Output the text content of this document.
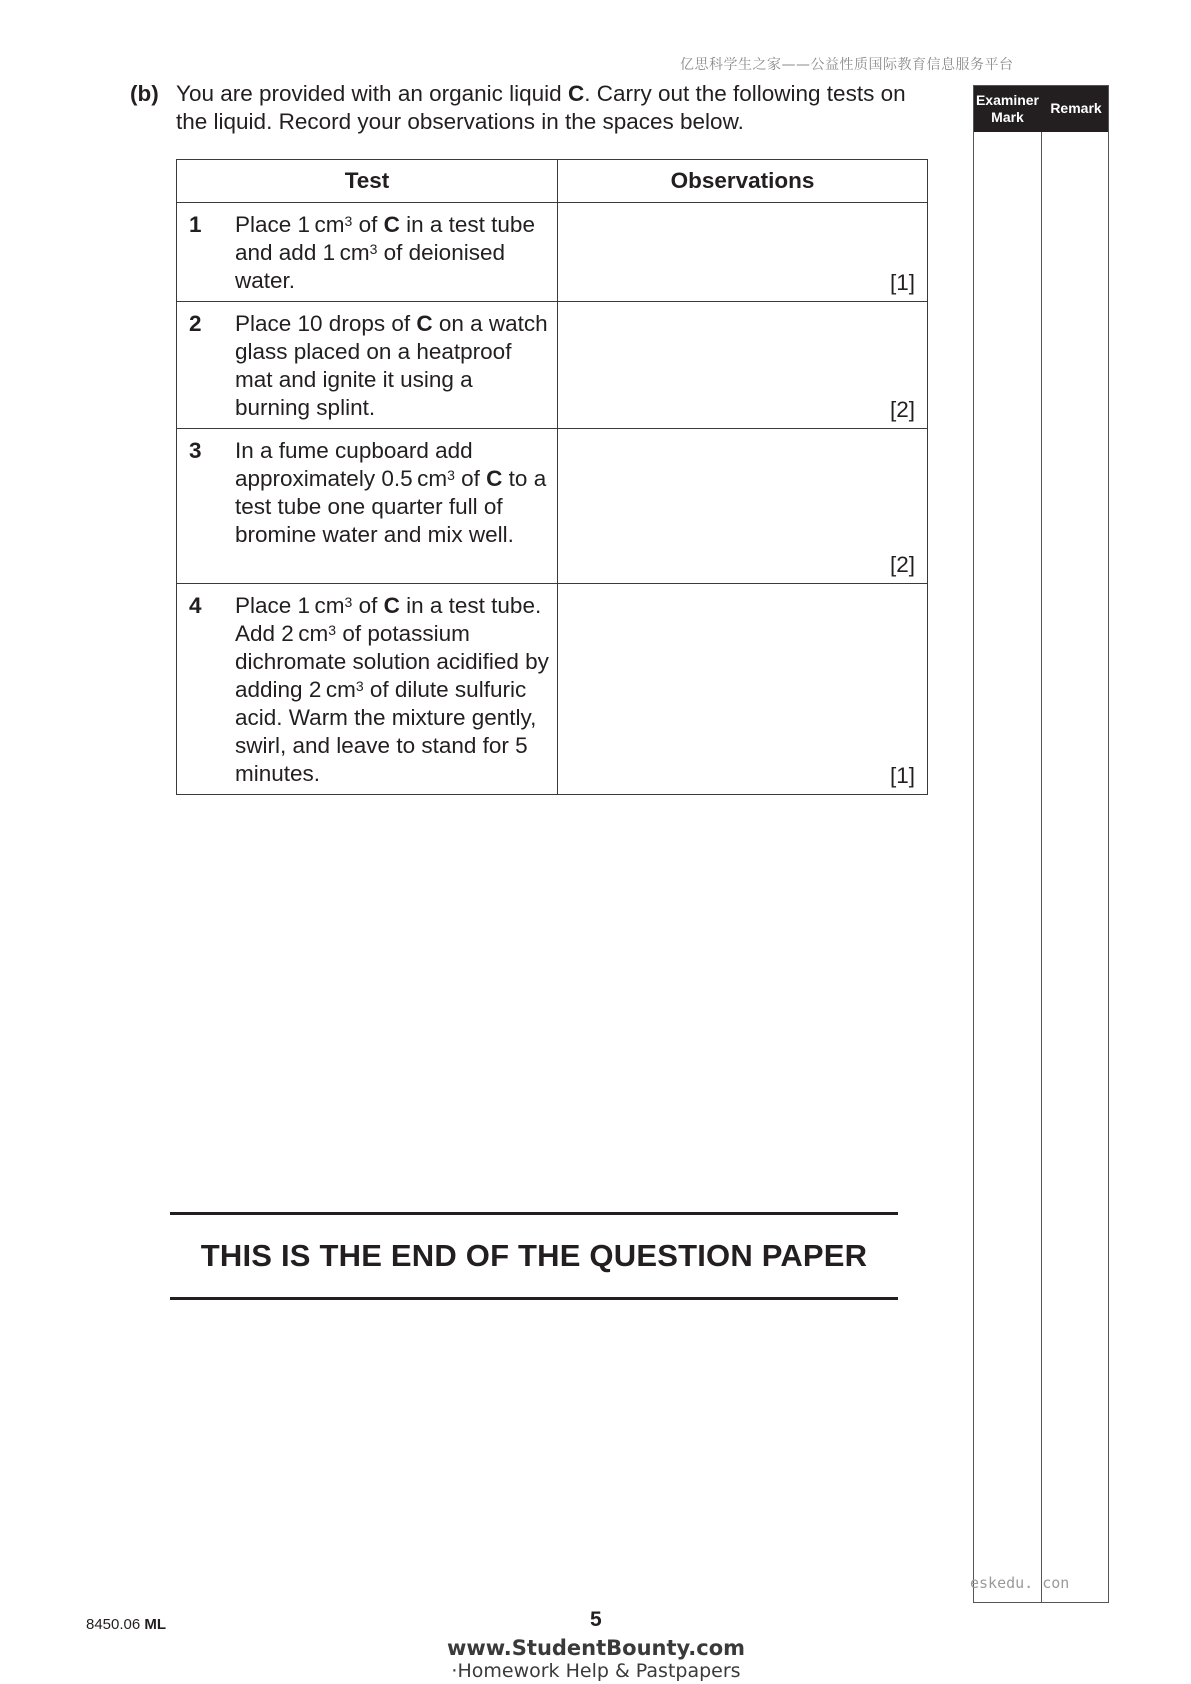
亿思科学生之家——公益性质国际教育信息服务平台
(b) You are provided with an organic liquid C. Carry out the following tests on the liquid. Record your observations in the spaces below.
Test	Observations

1 Place 1 $cm^3$ of C in a test tube and add 1 $cm^3$ of deionised water.	[1]

2 Place 10 drops of C on a watch glass placed on a heatproof mat and ignite it using a burning splint.	[2]

3 In a fume cupboard add approximately 0.5 $cm^3$ of C to a test tube one quarter full of bromine water and mix well.	[2]

4 Place 1 $cm^3$ of C in a test tube. Add 2 $cm^3$ of potassium dichromate solution acidified by adding 2 $cm^3$ of dilute sulfuric acid. Warm the mixture gently, swirl, and leave to stand for 5 minutes.	[1]
THIS IS THE END OF THE QUESTION PAPER
Examiner
Mark
Remark
eskedu. con
8450.06 ML	5
www.StudentBounty.com
·Homework Help & Pastpapers
